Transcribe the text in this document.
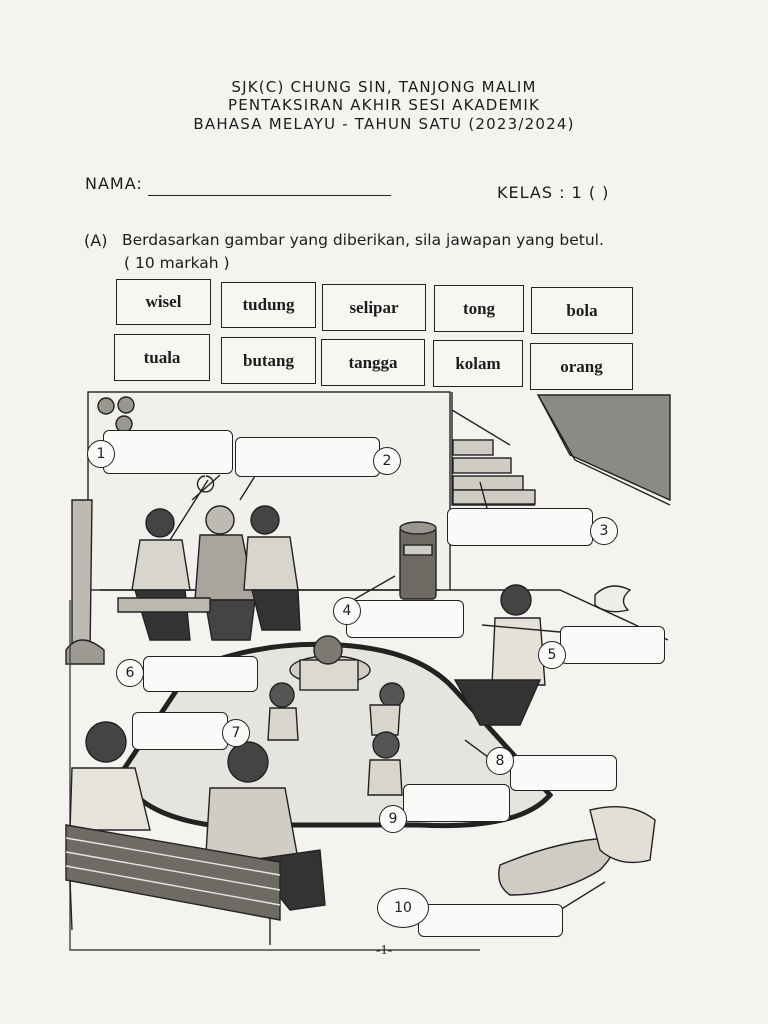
SJK(C) CHUNG SIN, TANJONG MALIM
PENTAKSIRAN AKHIR SESI AKADEMIK
BAHASA MELAYU - TAHUN SATU (2023/2024)
NAMA:	KELAS : 1 ( )
(A) Berdasarkan gambar yang diberikan, sila jawapan yang betul.
( 10 markah )
wisel	tudung	selipar	tong	bola
tuala	butang	tangga	kolam	orang
1	2
3
4
5
6
7
8
9
10
-1-
